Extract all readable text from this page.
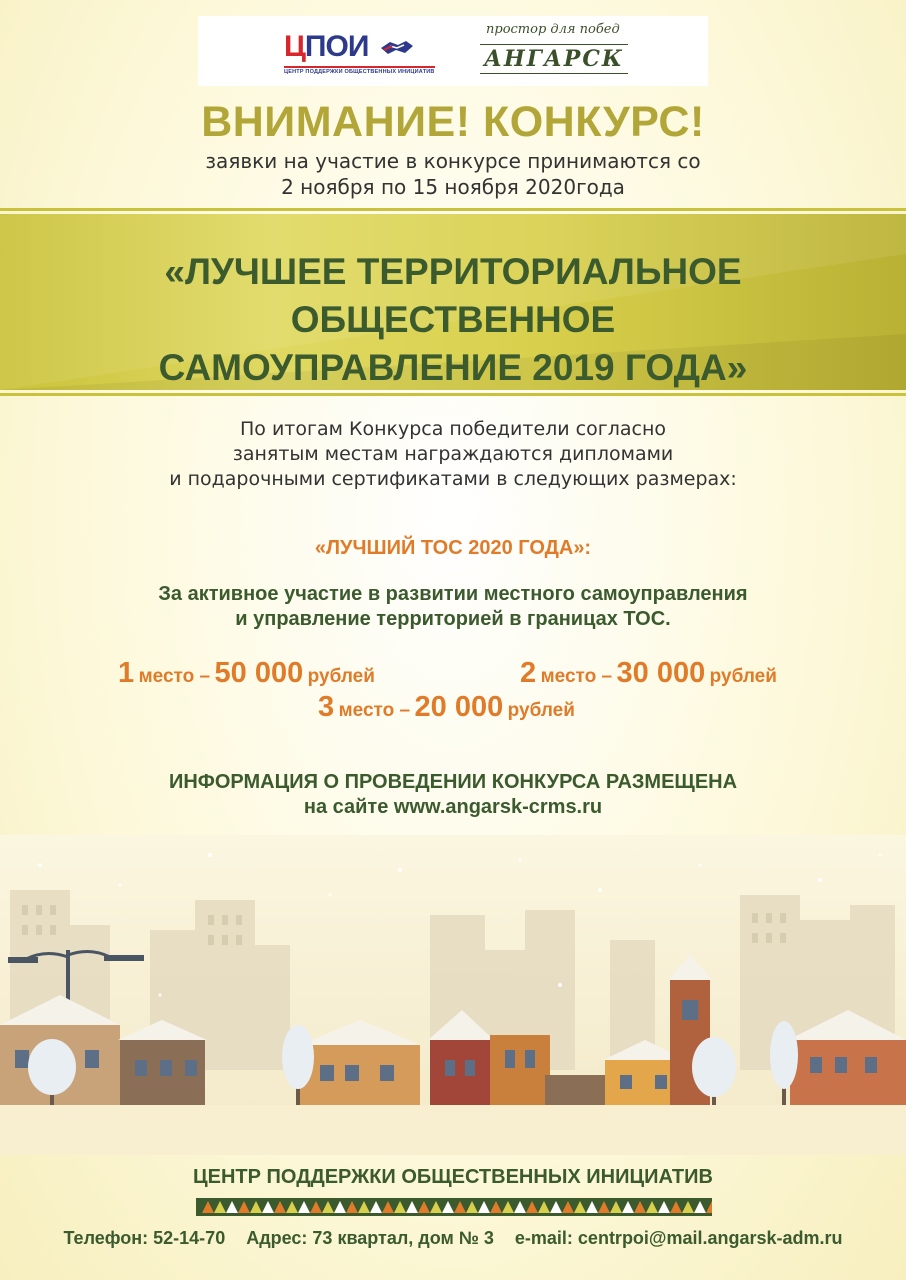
ЦПОИ
ЦЕНТР ПОДДЕРЖКИ ОБЩЕСТВЕННЫХ ИНИЦИАТИВ
простор для побед
АНГАРСК
ВНИМАНИЕ! КОНКУРС!
заявки на участие в конкурсе принимаются со
2 ноября по 15 ноября 2020года
«ЛУЧШЕЕ ТЕРРИТОРИАЛЬНОЕ ОБЩЕСТВЕННОЕ
САМОУПРАВЛЕНИЕ 2019 ГОДА»
По итогам Конкурса победители согласно
занятым местам награждаются дипломами
и подарочными сертификатами в следующих размерах:
«ЛУЧШИЙ ТОС 2020 ГОДА»:
За активное участие в развитии местного самоуправления
и управление территорией в границах ТОС.
1 место – 50 000 рублей	2 место – 30 000 рублей
3 место – 20 000 рублей
ИНФОРМАЦИЯ О ПРОВЕДЕНИИ КОНКУРСА РАЗМЕЩЕНА
на сайте www.angarsk-crms.ru
ЦЕНТР ПОДДЕРЖКИ ОБЩЕСТВЕННЫХ ИНИЦИАТИВ
Телефон: 52-14-70 Адрес: 73 квартал, дом № 3 e-mail: centrpoi@mail.angarsk-adm.ru
